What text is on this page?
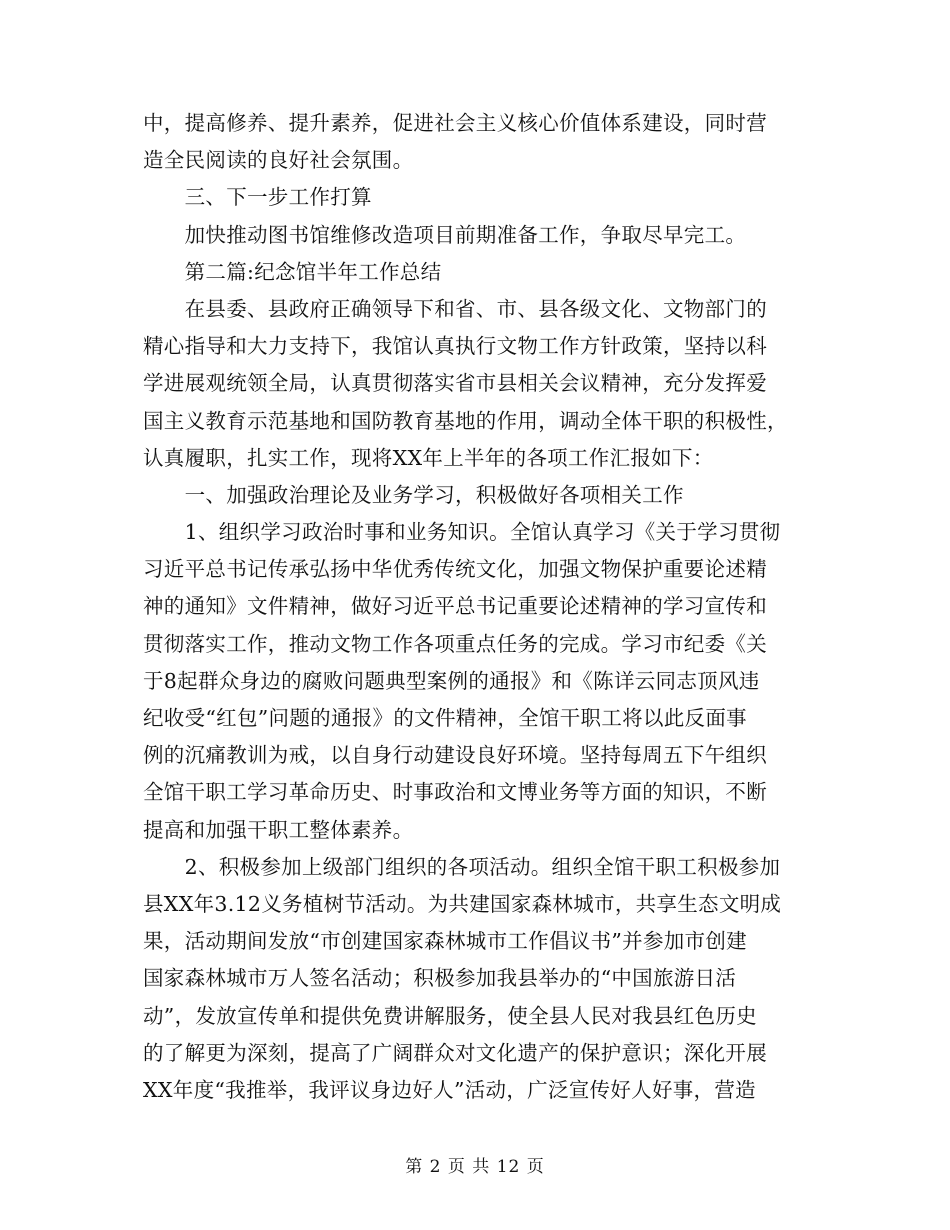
中，提高修养、提升素养，促进社会主义核心价值体系建设，同时营
造全民阅读的良好社会氛围。
　　三、下一步工作打算
　　加快推动图书馆维修改造项目前期准备工作，争取尽早完工。
　　第二篇:纪念馆半年工作总结
　　在县委、县政府正确领导下和省、市、县各级文化、文物部门的
精心指导和大力支持下，我馆认真执行文物工作方针政策，坚持以科
学进展观统领全局，认真贯彻落实省市县相关会议精神，充分发挥爱
国主义教育示范基地和国防教育基地的作用，调动全体干职的积极性，
认真履职，扎实工作，现将XX年上半年的各项工作汇报如下：
　　一、加强政治理论及业务学习，积极做好各项相关工作
　　1、组织学习政治时事和业务知识。全馆认真学习《关于学习贯彻
习近平总书记传承弘扬中华优秀传统文化，加强文物保护重要论述精
神的通知》文件精神，做好习近平总书记重要论述精神的学习宣传和
贯彻落实工作，推动文物工作各项重点任务的完成。学习市纪委《关
于8起群众身边的腐败问题典型案例的通报》和《陈详云同志顶风违
纪收受“红包”问题的通报》的文件精神，全馆干职工将以此反面事
例的沉痛教训为戒，以自身行动建设良好环境。坚持每周五下午组织
全馆干职工学习革命历史、时事政治和文博业务等方面的知识，不断
提高和加强干职工整体素养。
　　2、积极参加上级部门组织的各项活动。组织全馆干职工积极参加
县XX年3.12义务植树节活动。为共建国家森林城市，共享生态文明成
果，活动期间发放“市创建国家森林城市工作倡议书”并参加市创建
国家森林城市万人签名活动；积极参加我县举办的“中国旅游日活
动”，发放宣传单和提供免费讲解服务，使全县人民对我县红色历史
的了解更为深刻，提高了广阔群众对文化遗产的保护意识；深化开展
XX年度“我推举，我评议身边好人”活动，广泛宣传好人好事，营造
第 2 页 共 12 页
